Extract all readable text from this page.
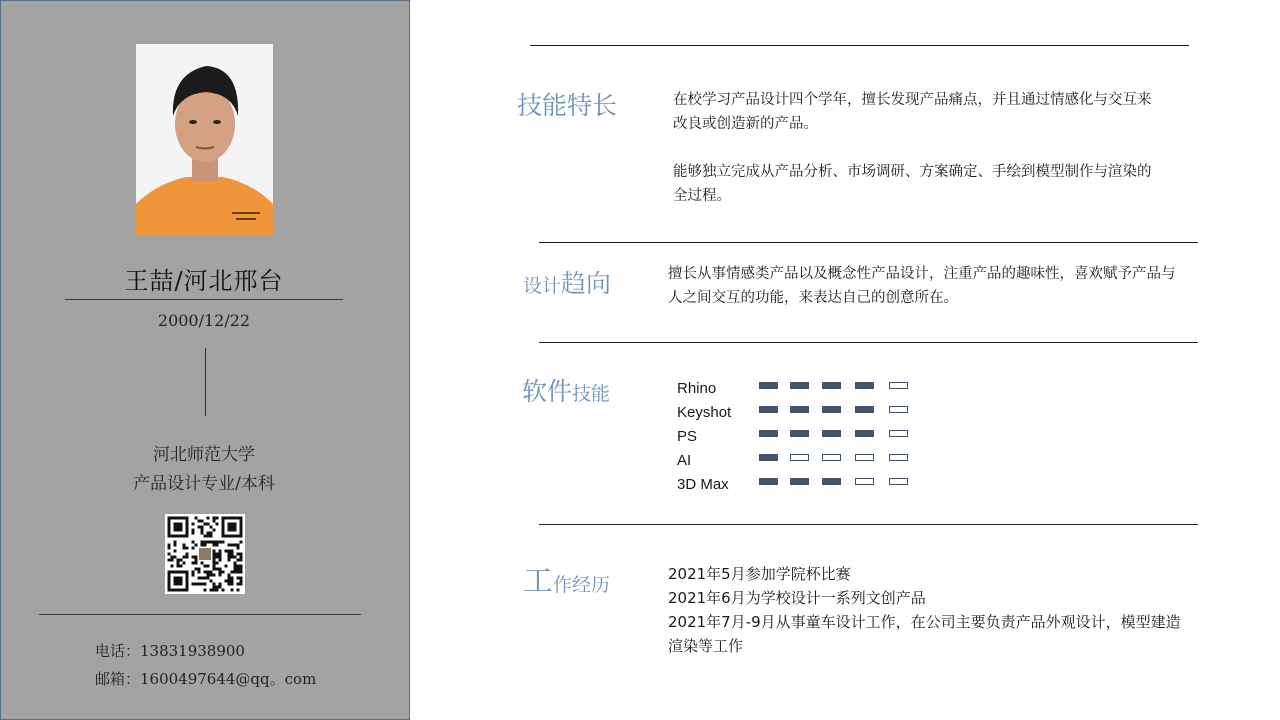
王喆/河北邢台
2000/12/22
河北师范大学
产品设计专业/本科
电话：13831938900
邮箱：1600497644@qq。com
技能特长	在校学习产品设计四个学年，擅长发现产品痛点，并且通过情感化与交互来改良或创造新的产品。
能够独立完成从产品分析、市场调研、方案确定、手绘到模型制作与渲染的全过程。
设计趋向	擅长从事情感类产品以及概念性产品设计，注重产品的趣味性，喜欢赋予产品与人之间交互的功能，来表达自己的创意所在。
软件技能	Rhino
Keyshot
PS
AI
3D Max
工作经历	2021年5月参加学院杯比赛
2021年6月为学校设计一系列文创产品
2021年7月-9月从事童车设计工作，在公司主要负责产品外观设计，模型建造渲染等工作
